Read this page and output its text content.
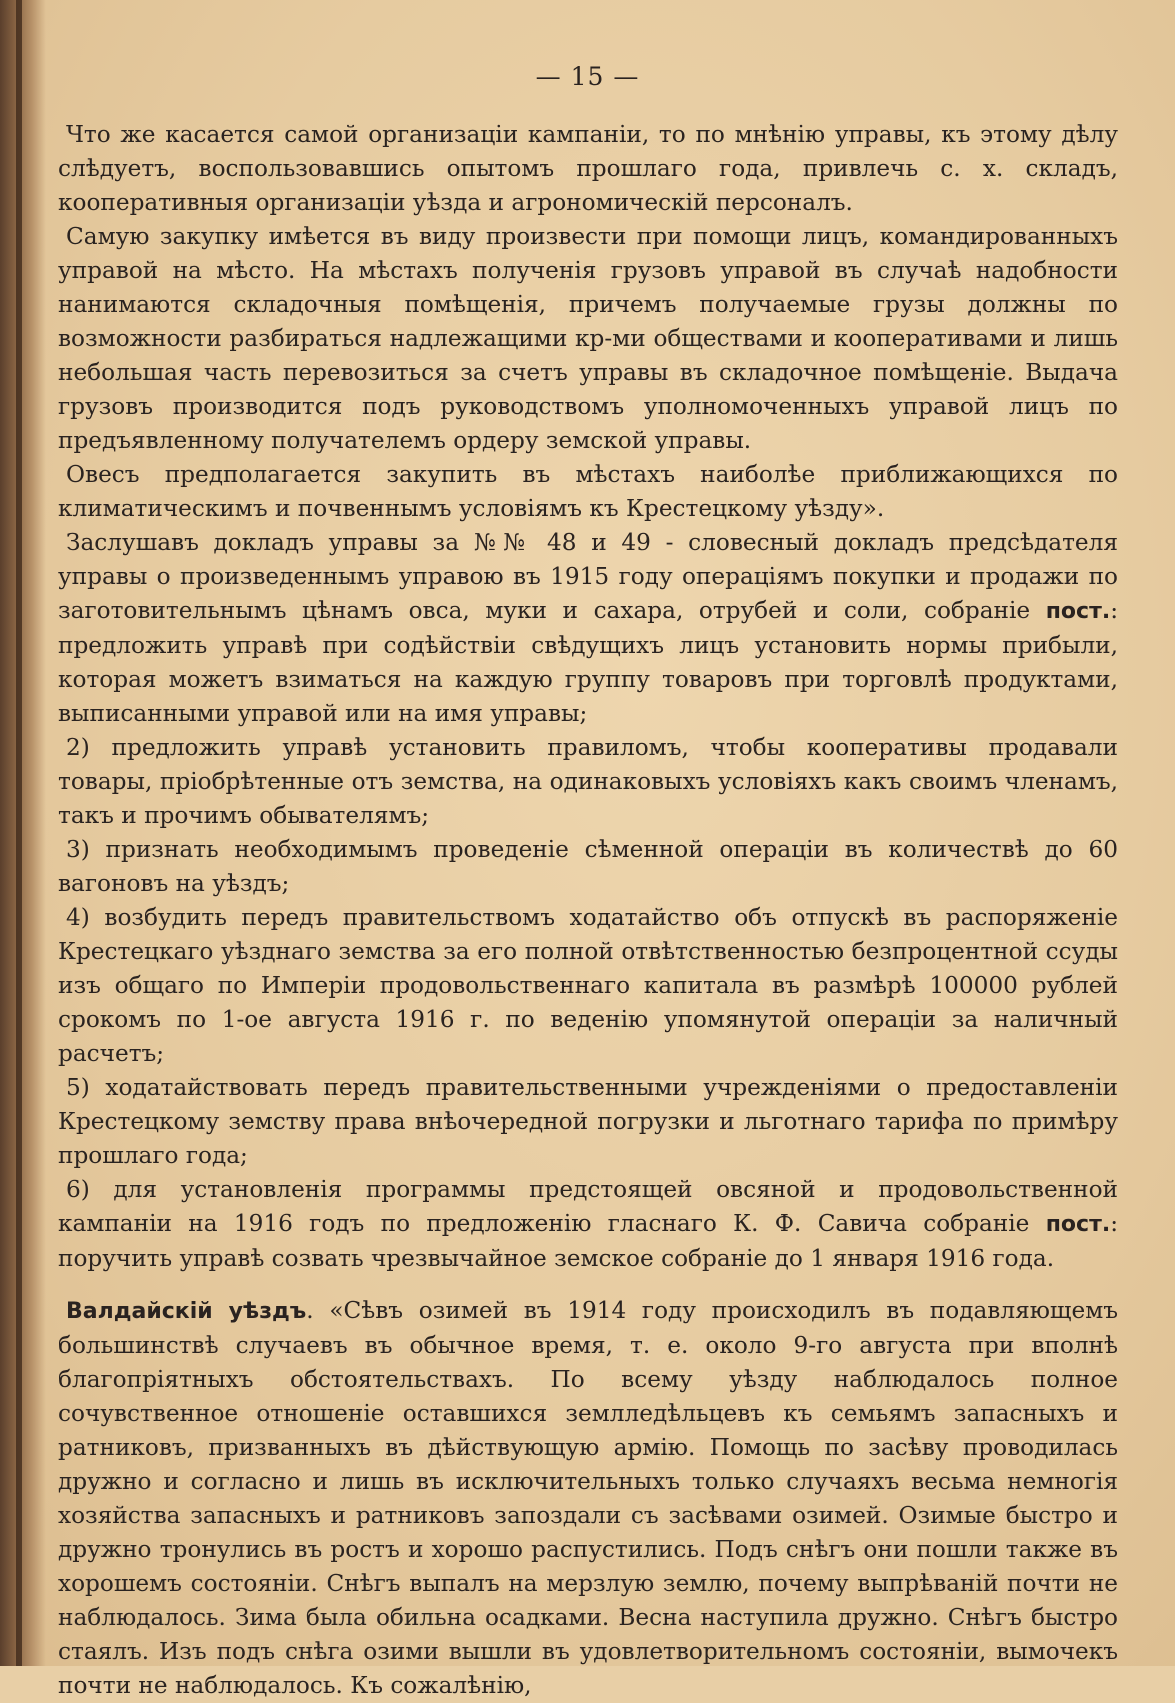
— 15 —

Что же касается самой организаціи кампаніи, то по мнѣнію управы, къ этому дѣлу слѣдуетъ, воспользовавшись опытомъ прошлаго года, привлечь с. х. складъ, кооперативныя организаціи уѣзда и агрономическій персоналъ.

Самую закупку имѣется въ виду произвести при помощи лицъ, командированныхъ управой на мѣсто. На мѣстахъ полученія грузовъ управой въ случаѣ надобности нанимаются складочныя помѣщенія, причемъ получаемые грузы должны по возможности разбираться надлежащими кр-ми обществами и кооперативами и лишь небольшая часть перевозиться за счетъ управы въ складочное помѣщеніе. Выдача грузовъ производится подъ руководствомъ уполномоченныхъ управой лицъ по предъявленному получателемъ ордеру земской управы.

Овесъ предполагается закупить въ мѣстахъ наиболѣе приближающихся по климатическимъ и почвеннымъ условіямъ къ Крестецкому уѣзду».

Заслушавъ докладъ управы за №№ 48 и 49 - словесный докладъ предсѣдателя управы о произведеннымъ управою въ 1915 году операціямъ покупки и продажи по заготовительнымъ цѣнамъ овса, муки и сахара, отрубей и соли, собраніе пост.: предложить управѣ при содѣйствіи свѣдущихъ лицъ установить нормы прибыли, которая можетъ взиматься на каждую группу товаровъ при торговлѣ продуктами, выписанными управой или на имя управы;

2) предложить управѣ установить правиломъ, чтобы кооперативы продавали товары, пріобрѣтенные отъ земства, на одинаковыхъ условіяхъ какъ своимъ членамъ, такъ и прочимъ обывателямъ;

3) признать необходимымъ проведеніе сѣменной операціи въ количествѣ до 60 вагоновъ на уѣздъ;

4) возбудить передъ правительствомъ ходатайство объ отпускѣ въ распоряженіе Крестецкаго уѣзднаго земства за его полной отвѣтственностью безпроцентной ссуды изъ общаго по Имперіи продовольственнаго капитала въ размѣрѣ 100000 рублей срокомъ по 1-ое августа 1916 г. по веденію упомянутой операціи за наличный расчетъ;

5) ходатайствовать передъ правительственными учрежденіями о предоставленіи Крестецкому земству права внѣочередной погрузки и льготнаго тарифа по примѣру прошлаго года;

6) для установленія программы предстоящей овсяной и продовольственной кампаніи на 1916 годъ по предложенію гласнаго К. Ф. Савича собраніе пост.: поручить управѣ созвать чрезвычайное земское собраніе до 1 января 1916 года.

Валдайскій уѣздъ. «Сѣвъ озимей въ 1914 году происходилъ въ подавляющемъ большинствѣ случаевъ въ обычное время, т. е. около 9-го августа при вполнѣ благопріятныхъ обстоятельствахъ. По всему уѣзду наблюдалось полное сочувственное отношеніе оставшихся землледѣльцевъ къ семьямъ запасныхъ и ратниковъ, призванныхъ въ дѣйствующую армію. Помощь по засѣву проводилась дружно и согласно и лишь въ исключительныхъ только случаяхъ весьма немногія хозяйства запасныхъ и ратниковъ запоздали съ засѣвами озимей. Озимые быстро и дружно тронулись въ ростъ и хорошо распустились. Подъ снѣгъ они пошли также въ хорошемъ состояніи. Снѣгъ выпалъ на мерзлую землю, почему выпрѣваній почти не наблюдалось. Зима была обильна осадками. Весна наступила дружно. Снѣгъ быстро стаялъ. Изъ подъ снѣга озими вышли въ удовлетворительномъ состояніи, вымочекъ почти не наблюдалось. Къ сожалѣнію,
